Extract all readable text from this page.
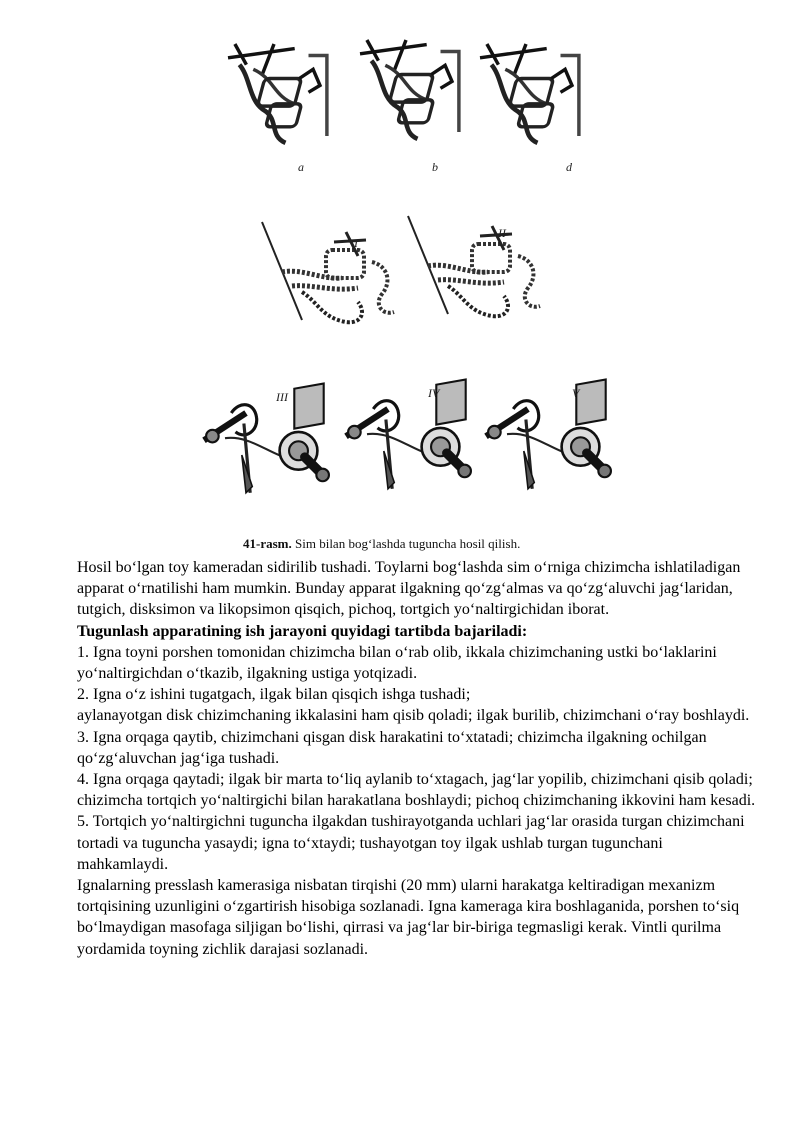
a	b	d
I
II
III	IV	V
41-rasm. Sim bilan bog‘lashda tuguncha hosil qilish.

Hosil bo‘lgan toy kameradan sidirilib tushadi. Toylarni bog‘lashda sim o‘rniga chizimcha ishlatiladigan apparat o‘rnatilishi ham mumkin. Bunday apparat ilgakning qo‘zg‘almas va qo‘zg‘aluvchi jag‘laridan, tutgich, disksimon va likopsimon qisqich, pichoq, tortgich yo‘naltirgichidan iborat.

Tugunlash apparatining ish jarayoni quyidagi tartibda bajariladi:

1. Igna toyni porshen tomonidan chizimcha bilan o‘rab olib, ikkala chizimchaning ustki bo‘laklarini yo‘naltirgichdan o‘tkazib, ilgakning ustiga yotqizadi.

2. Igna o‘z ishini tugatgach, ilgak bilan qisqich ishga tushadi;

aylanayotgan disk chizimchaning ikkalasini ham qisib qoladi; ilgak burilib, chizimchani o‘ray boshlaydi.

3. Igna orqaga qaytib, chizimchani qisgan disk harakatini to‘xtatadi; chizimcha ilgakning ochilgan qo‘zg‘aluvchan jag‘iga tushadi.

4. Igna orqaga qaytadi; ilgak bir marta to‘liq aylanib to‘xtagach, jag‘lar yopilib, chizimchani qisib qoladi; chizimcha tortqich yo‘naltirgichi bilan harakatlana boshlaydi; pichoq chizimchaning ikkovini ham kesadi.

5. Tortqich yo‘naltirgichni tuguncha ilgakdan tushirayotganda uchlari jag‘lar orasida turgan chizimchani tortadi va tuguncha yasaydi; igna to‘xtaydi; tushayotgan toy ilgak ushlab turgan tugunchani mahkamlaydi.

Ignalarning presslash kamerasiga nisbatan tirqishi (20 mm) ularni harakatga keltiradigan mexanizm tortqisining uzunligini o‘zgartirish hisobiga sozlanadi. Igna kameraga kira boshlaganida, porshen to‘siq bo‘lmaydigan masofaga siljigan bo‘lishi, qirrasi va jag‘lar bir-biriga tegmasligi kerak. Vintli qurilma yordamida toyning zichlik darajasi sozlanadi.
